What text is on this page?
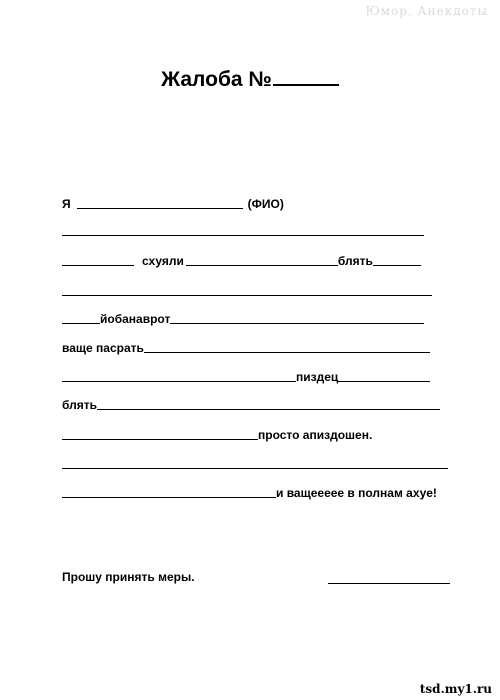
Юмор, Анекдоты
Жалоба №
Я	(ФИО)
схуяли	блять
йобанаврот
ваще пасрать
пиздец
блять
просто апиздошен.
и ващеееее в полнам ахуе!
Прошу принять меры.
tsd.my1.ru
